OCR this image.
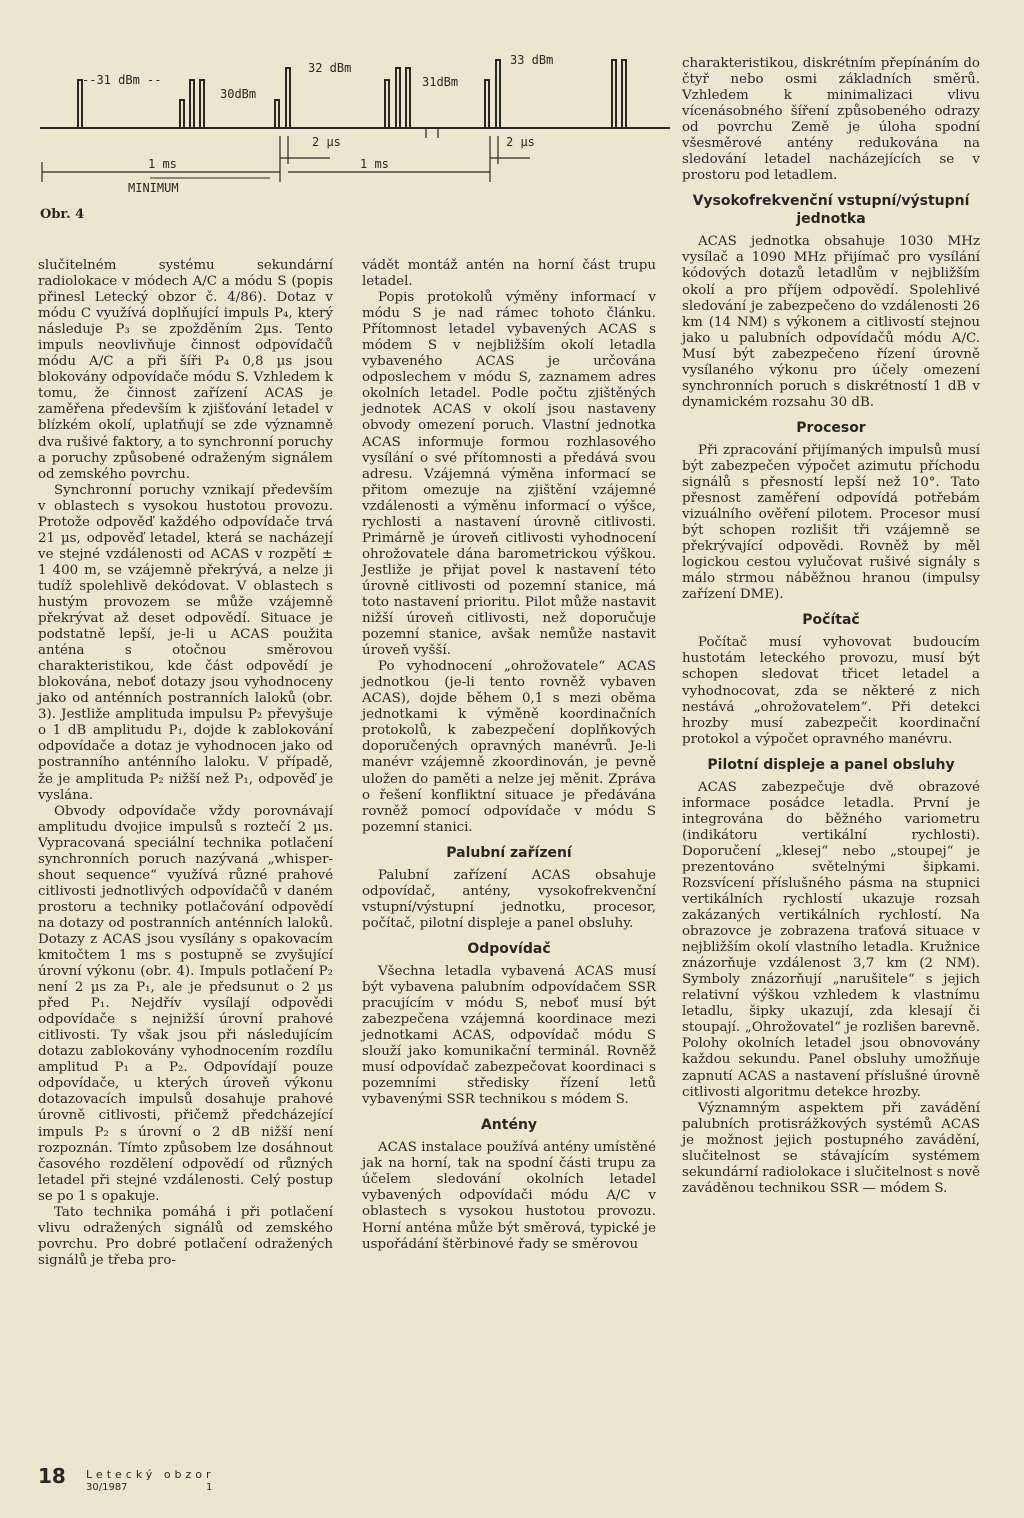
--31 dBm --
30dBm
32 dBm
31dBm
33 dBm
1 ms
MINIMUM
2 µs
1 ms
2 µs
Obr. 4

slučitelném systému sekundární radiolokace v módech A/C a módu S (popis přinesl Letecký obzor č. 4/86). Dotaz v módu C využívá doplňující impuls P₄, který následuje P₃ se zpožděním 2µs. Tento impuls neovlivňuje činnost odpovídačů módu A/C a při šíři P₄ 0,8 µs jsou blokovány odpovídače módu S. Vzhledem k tomu, že činnost zařízení ACAS je zaměřena především k zjišťování letadel v blízkém okolí, uplatňují se zde významně dva rušivé faktory, a to synchronní poruchy a poruchy způsobené odraženým signálem od zemského povrchu.

Synchronní poruchy vznikají především v oblastech s vysokou hustotou provozu. Protože odpověď každého odpovídače trvá 21 µs, odpověď letadel, která se nacházejí ve stejné vzdálenosti od ACAS v rozpětí ± 1 400 m, se vzájemně překrývá, a nelze ji tudíž spolehlivě dekódovat. V oblastech s hustým provozem se může vzájemně překrývat až deset odpovědí. Situace je podstatně lepší, je-li u ACAS použita anténa s otočnou směrovou charakteristikou, kde část odpovědí je blokována, neboť dotazy jsou vyhodnoceny jako od anténních postranních laloků (obr. 3). Jestliže amplituda impulsu P₂ převyšuje o 1 dB amplitudu P₁, dojde k zablokování odpovídače a dotaz je vyhodnocen jako od postranního anténního laloku. V případě, že je amplituda P₂ nižší než P₁, odpověď je vyslána.

Obvody odpovídače vždy porovnávají amplitudu dvojice impulsů s roztečí 2 µs. Vypracovaná speciální technika potlačení synchronních poruch nazývaná „whisper-shout sequence“ využívá různé prahové citlivosti jednotlivých odpovídačů v daném prostoru a techniky potlačování odpovědí na dotazy od postranních anténních laloků. Dotazy z ACAS jsou vysílány s opakovacím kmitočtem 1 ms s postupně se zvyšující úrovní výkonu (obr. 4). Impuls potlačení P₂ není 2 µs za P₁, ale je předsunut o 2 µs před P₁. Nejdřív vysílají odpovědi odpovídače s nejnižší úrovní prahové citlivosti. Ty však jsou při následujícím dotazu zablokovány vyhodnocením rozdílu amplitud P₁ a P₂. Odpovídají pouze odpovídače, u kterých úroveň výkonu dotazovacích impulsů dosahuje prahové úrovně citlivosti, přičemž předcházející impuls P₂ s úrovní o 2 dB nižší není rozpoznán. Tímto způsobem lze dosáhnout časového rozdělení odpovědí od různých letadel při stejné vzdálenosti. Celý postup se po 1 s opakuje.

Tato technika pomáhá i při potlačení vlivu odražených signálů od zemského povrchu. Pro dobré potlačení odražených signálů je třeba pro-

vádět montáž antén na horní část trupu letadel.

Popis protokolů výměny informací v módu S je nad rámec tohoto článku. Přítomnost letadel vybavených ACAS s módem S v nejbližším okolí letadla vybaveného ACAS je určována odposlechem v módu S, zaznamem adres okolních letadel. Podle počtu zjištěných jednotek ACAS v okolí jsou nastaveny obvody omezení poruch. Vlastní jednotka ACAS informuje formou rozhlasového vysílání o své přítomnosti a předává svou adresu. Vzájemná výměna informací se přitom omezuje na zjištění vzájemné vzdálenosti a výměnu informací o výšce, rychlosti a nastavení úrovně citlivosti. Primárně je úroveň citlivosti vyhodnocení ohrožovatele dána barometrickou výškou. Jestliže je přijat povel k nastavení této úrovně citlivosti od pozemní stanice, má toto nastavení prioritu. Pilot může nastavit nižší úroveň citlivosti, než doporučuje pozemní stanice, avšak nemůže nastavit úroveň vyšší.

Po vyhodnocení „ohrožovatele“ ACAS jednotkou (je-li tento rovněž vybaven ACAS), dojde během 0,1 s mezi oběma jednotkami k výměně koordinačních protokolů, k zabezpečení doplňkových doporučených opravných manévrů. Je-li manévr vzájemně zkoordinován, je pevně uložen do paměti a nelze jej měnit. Zpráva o řešení konfliktní situace je předávána rovněž pomocí odpovídače v módu S pozemní stanici.

Palubní zařízení

Palubní zařízení ACAS obsahuje odpovídač, antény, vysokofrekvenční vstupní/výstupní jednotku, procesor, počítač, pilotní displeje a panel obsluhy.

Odpovídač

Všechna letadla vybavená ACAS musí být vybavena palubním odpovídačem SSR pracujícím v módu S, neboť musí být zabezpečena vzájemná koordinace mezi jednotkami ACAS, odpovídač módu S slouží jako komunikační terminál. Rovněž musí odpovídač zabezpečovat koordinaci s pozemními středisky řízení letů vybavenými SSR technikou s módem S.

Antény

ACAS instalace používá antény umístěné jak na horní, tak na spodní části trupu za účelem sledování okolních letadel vybavených odpovídači módu A/C v oblastech s vysokou hustotou provozu. Horní anténa může být směrová, typické je uspořádání štěrbinové řady se směrovou

charakteristikou, diskrétním přepínáním do čtyř nebo osmi základních směrů. Vzhledem k minimalizaci vlivu vícenásobného šíření způsobeného odrazy od povrchu Země je úloha spodní všesměrové antény redukována na sledování letadel nacházejících se v prostoru pod letadlem.

Vysokofrekvenční vstupní/výstupní jednotka

ACAS jednotka obsahuje 1030 MHz vysílač a 1090 MHz přijímač pro vysílání kódových dotazů letadlům v nejbližším okolí a pro příjem odpovědí. Spolehlivé sledování je zabezpečeno do vzdálenosti 26 km (14 NM) s výkonem a citlivostí stejnou jako u palubních odpovídačů módu A/C. Musí být zabezpečeno řízení úrovně vysílaného výkonu pro účely omezení synchronních poruch s diskrétností 1 dB v dynamickém rozsahu 30 dB.

Procesor

Při zpracování přijímaných impulsů musí být zabezpečen výpočet azimutu příchodu signálů s přesností lepší než 10°. Tato přesnost zaměření odpovídá potřebám vizuálního ověření pilotem. Procesor musí být schopen rozlišit tři vzájemně se překrývající odpovědi. Rovněž by měl logickou cestou vylučovat rušivé signály s málo strmou náběžnou hranou (impulsy zařízení DME).

Počítač

Počítač musí vyhovovat budoucím hustotám leteckého provozu, musí být schopen sledovat třicet letadel a vyhodnocovat, zda se některé z nich nestává „ohrožovatelem“. Při detekci hrozby musí zabezpečit koordinační protokol a výpočet opravného manévru.

Pilotní displeje a panel obsluhy

ACAS zabezpečuje dvě obrazové informace posádce letadla. První je integrována do běžného variometru (indikátoru vertikální rychlosti). Doporučení „klesej“ nebo „stoupej“ je prezentováno světelnými šipkami. Rozsvícení příslušného pásma na stupnici vertikálních rychlostí ukazuje rozsah zakázaných vertikálních rychlostí. Na obrazovce je zobrazena traťová situace v nejbližším okolí vlastního letadla. Kružnice znázorňuje vzdálenost 3,7 km (2 NM). Symboly znázorňují „narušitele“ s jejich relativní výškou vzhledem k vlastnímu letadlu, šipky ukazují, zda klesají či stoupají. „Ohrožovatel“ je rozlišen barevně. Polohy okolních letadel jsou obnovovány každou sekundu. Panel obsluhy umožňuje zapnutí ACAS a nastavení příslušné úrovně citlivosti algoritmu detekce hrozby.

Významným aspektem při zavádění palubních protisrážkových systémů ACAS je možnost jejich postupného zavádění, slučitelnost se stávajícím systémem sekundární radiolokace i slučitelnost s nově zaváděnou technikou SSR — módem S.

18 Letecký obzor
30/1987	1
